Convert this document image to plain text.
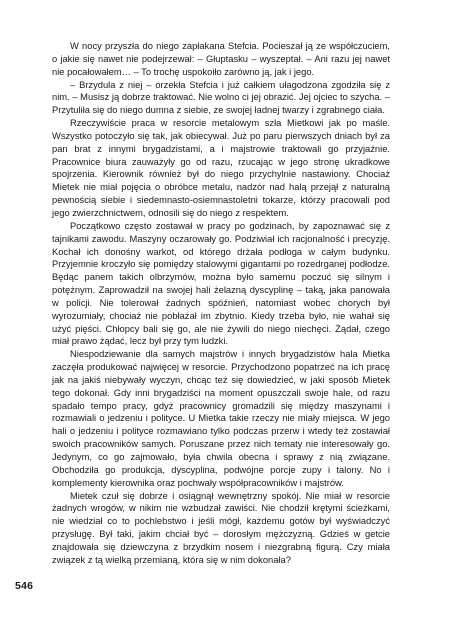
W nocy przyszła do niego zapłakana Stefcia. Pocieszał ją ze współczuciem, o jakie się nawet nie podejrzewał: – Głuptasku – wyszeptał. – Ani razu jej nawet nie pocałowałem… – To trochę uspokoiło zarówno ją, jak i jego.

– Brzydula z niej – orzekła Stefcia i już całkiem ułagodzona zgodziła się z nim. – Musisz ją dobrze traktować. Nie wolno ci jej obrazić. Jej ojciec to szycha. – Przytuliła się do niego dumna z siebie, ze swojej ładnej twarzy i zgrabnego ciała.

Rzeczywiście praca w resorcie metalowym szła Mietkowi jak po maśle. Wszystko potoczyło się tak, jak obiecywał. Już po paru pierwszych dniach był za pan brat z innymi brygadzistami, a i majstrowie traktowali go przyjaźnie. Pracownice biura zauważyły go od razu, rzucając w jego stronę ukradkowe spojrzenia. Kierownik również był do niego przychylnie nastawiony. Chociaż Mietek nie miał pojęcia o obróbce metalu, nadzór nad halą przejął z naturalną pewnością siebie i siedemnasto-osiemnastoletni tokarze, którzy pracowali pod jego zwierzchnictwem, odnosili się do niego z respektem.

Początkowo często zostawał w pracy po godzinach, by zapoznawać się z tajnikami zawodu. Maszyny oczarowały go. Podziwiał ich racjonalność i precyzję. Kochał ich donośny warkot, od którego drżała podłoga w całym budynku. Przyjemnie kroczyło się pomiędzy stalowymi gigantami po rozedrganej podłodze. Będąc panem takich olbrzymów, można było samemu poczuć się silnym i potężnym. Zaprowadził na swojej hali żelazną dyscyplinę – taką, jaka panowała w policji. Nie tolerował żadnych spóźnień, natomiast wobec chorych był wyrozumiały, chociaż nie pobłażał im zbytnio. Kiedy trzeba było, nie wahał się użyć pięści. Chłopcy bali się go, ale nie żywili do niego niechęci. Żądał, czego miał prawo żądać, lecz był przy tym ludzki.

Niespodziewanie dla samych majstrów i innych brygadzistów hala Mietka zaczęła produkować najwięcej w resorcie. Przychodzono popatrzeć na ich pracę jak na jakiś niebywały wyczyn, chcąc też się dowiedzieć, w jaki sposób Mietek tego dokonał. Gdy inni brygadziści na moment opuszczali swoje hale, od razu spadało tempo pracy, gdyż pracownicy gromadzili się między maszynami i rozmawiali o jedzeniu i polityce. U Mietka takie rzeczy nie miały miejsca. W jego hali o jedzeniu i polityce rozmawiano tylko podczas przerw i wtedy też zostawiał swoich pracowników samych. Poruszane przez nich tematy nie interesowały go. Jedynym, co go zajmowało, była chwila obecna i sprawy z nią związane. Obchodziła go produkcja, dyscyplina, podwójne porcje zupy i talony. No i komplementy kierownika oraz pochwały współpracowników i majstrów.

Mietek czuł się dobrze i osiągnął wewnętrzny spokój. Nie miał w resorcie żadnych wrogów, w nikim nie wzbudzał zawiści. Nie chodził krętymi ścieżkami, nie wiedział co to pochlebstwo i jeśli mógł, każdemu gotów był wyświadczyć przysługę. Był taki, jakim chciał być – dorosłym mężczyzną. Gdzieś w getcie znajdowała się dziewczyna z brzydkim nosem i niezgrabną figurą. Czy miała związek z tą wielką przemianą, która się w nim dokonała?

546
